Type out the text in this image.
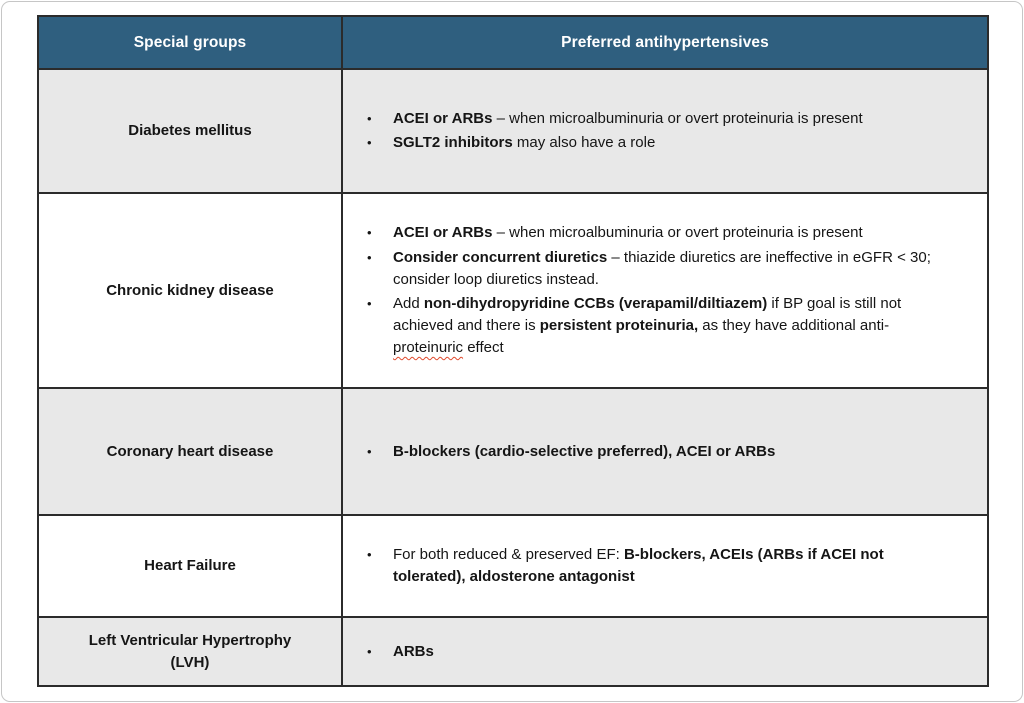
Special groups	Preferred antihypertensives
Diabetes mellitus	• ACEI or ARBs – when microalbuminuria or overt proteinuria is present
• SGLT2 inhibitors may also have a role

Chronic kidney disease	
•	ACEI or ARBs – when microalbuminuria or overt proteinuria is present
•	Consider concurrent diuretics – thiazide diuretics are ineffective in eGFR < 30; consider loop diuretics instead.
•	Add non-dihydropyridine CCBs (verapamil/diltiazem) if BP goal is still not achieved and there is persistent proteinuria, as they have additional anti-proteinuric effect

Coronary heart disease	• B-blockers (cardio-selective preferred), ACEI or ARBs

Heart Failure	• For both reduced & preserved EF: B-blockers, ACEIs (ARBs if ACEI not tolerated), aldosterone antagonist

Left Ventricular Hypertrophy (LVH)	• ARBs
